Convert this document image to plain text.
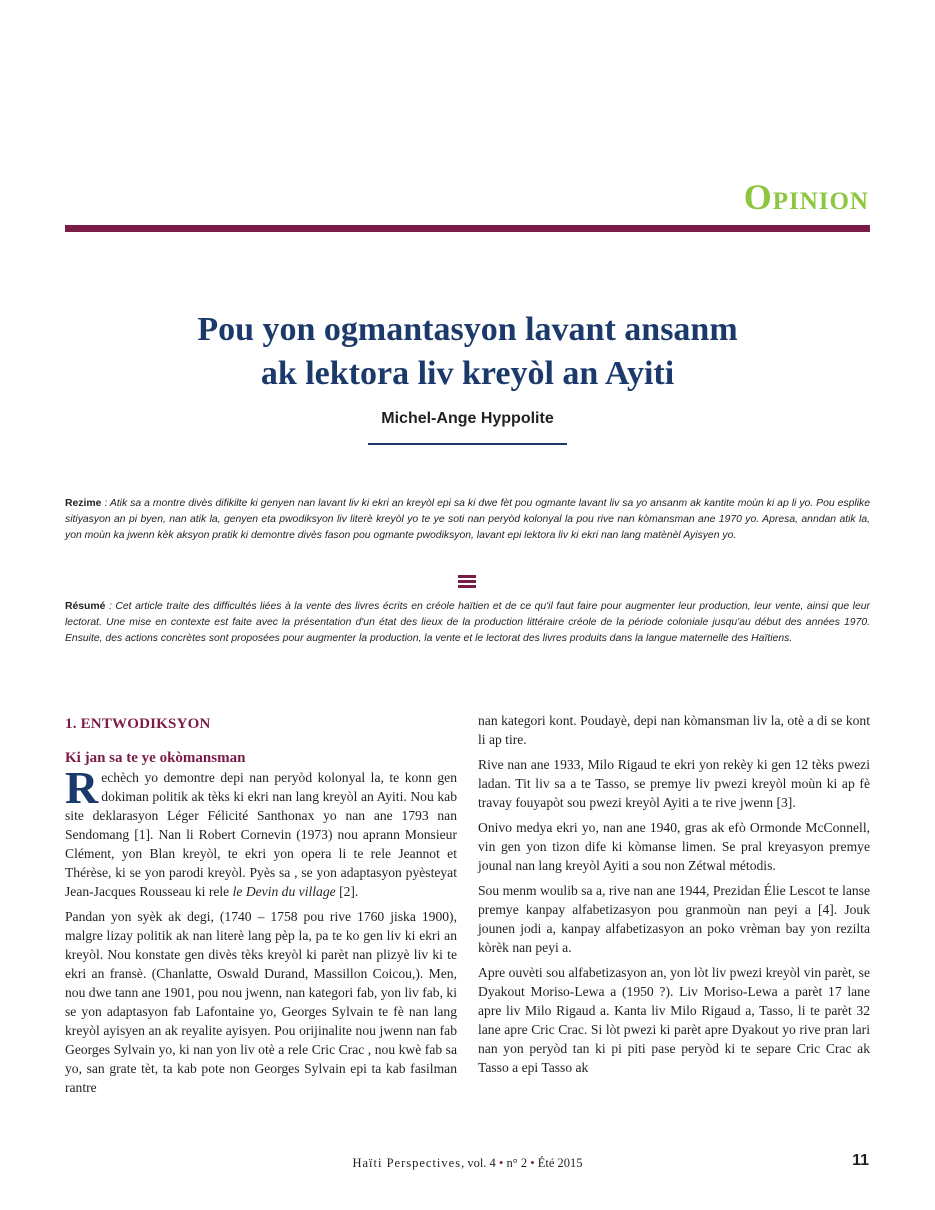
Opinion
Pou yon ogmantasyon lavant ansanm
ak lektora liv kreyòl an Ayiti
Michel-Ange Hyppolite

Rezime : Atik sa a montre divès difikilte ki genyen nan lavant liv ki ekri an kreyòl epi sa ki dwe fèt pou ogmante lavant liv sa yo ansanm ak kantite moùn ki ap li yo. Pou esplike sitiyasyon an pi byen, nan atik la, genyen eta pwodiksyon liv literè kreyòl yo te ye soti nan peryòd kolonyal la pou rive nan kòmansman ane 1970 yo. Apresa, anndan atik la, yon moùn ka jwenn kèk aksyon pratik ki demontre divès fason pou ogmante pwodiksyon, lavant epi lektora liv ki ekri nan lang matènèl Ayisyen yo.

Résumé : Cet article traite des difficultés liées à la vente des livres écrits en créole haïtien et de ce qu'il faut faire pour augmenter leur production, leur vente, ainsi que leur lectorat. Une mise en contexte est faite avec la présentation d'un état des lieux de la production littéraire créole de la période coloniale jusqu'au début des années 1970. Ensuite, des actions concrètes sont proposées pour augmenter la production, la vente et le lectorat des livres produits dans la langue maternelle des Haïtiens.

1. ENTWODIKSYON
Ki jan sa te ye okòmansman

Rechèch yo demontre depi nan peryòd kolonyal la, te konn gen dokiman politik ak tèks ki ekri nan lang kreyòl an Ayiti. Nou kab site deklarasyon Léger Félicité Santhonax yo nan ane 1793 nan Sendomang [1]. Nan li Robert Cornevin (1973) nou aprann Monsieur Clément, yon Blan kreyòl, te ekri yon opera li te rele Jeannot et Thérèse, ki se yon parodi kreyòl. Pyès sa , se yon adaptasyon pyèsteyat Jean-Jacques Rousseau ki rele le Devin du village [2].

Pandan yon syèk ak degi, (1740 – 1758 pou rive 1760 jiska 1900), malgre lizay politik ak nan literè lang pèp la, pa te ko gen liv ki ekri an kreyòl. Nou konstate gen divès tèks kreyòl ki parèt nan plizyè liv ki te ekri an fransè. (Chanlatte, Oswald Durand, Massillon Coicou,). Men, nou dwe tann ane 1901, pou nou jwenn, nan kategori fab, yon liv fab, ki se yon adaptasyon fab Lafontaine yo, Georges Sylvain te fè nan lang kreyòl ayisyen an ak reyalite ayisyen. Pou orijinalite nou jwenn nan fab Georges Sylvain yo, ki nan yon liv otè a rele Cric Crac , nou kwè fab sa yo, san grate tèt, ta kab pote non Georges Sylvain epi ta kab fasilman rantre

nan kategori kont. Poudayè, depi nan kòmansman liv la, otè a di se kont li ap tire.

Rive nan ane 1933, Milo Rigaud te ekri yon rekèy ki gen 12 tèks pwezi ladan. Tit liv sa a te Tasso, se premye liv pwezi kreyòl moùn ki ap fè travay fouyapòt sou pwezi kreyòl Ayiti a te rive jwenn [3].

Onivo medya ekri yo, nan ane 1940, gras ak efò Ormonde McConnell, vin gen yon tizon dife ki kòmanse limen. Se pral kreyasyon premye jounal nan lang kreyòl Ayiti a sou non Zétwal métodis.

Sou menm woulib sa a, rive nan ane 1944, Prezidan Élie Lescot te lanse premye kanpay alfabetizasyon pou granmoùn nan peyi a [4]. Jouk jounen jodi a, kanpay alfabetizasyon an poko vrèman bay yon rezilta kòrèk nan peyi a.

Apre ouvèti sou alfabetizasyon an, yon lòt liv pwezi kreyòl vin parèt, se Dyakout Moriso-Lewa a (1950 ?). Liv Moriso-Lewa a parèt 17 lane apre liv Milo Rigaud a. Kanta liv Milo Rigaud a, Tasso, li te parèt 32 lane apre Cric Crac. Si lòt pwezi ki parèt apre Dyakout yo rive pran lari nan yon peryòd tan ki pi piti pase peryòd ki te separe Cric Crac ak Tasso a epi Tasso ak

Haïti Perspectives, vol. 4 • n° 2 • Été 2015	11
